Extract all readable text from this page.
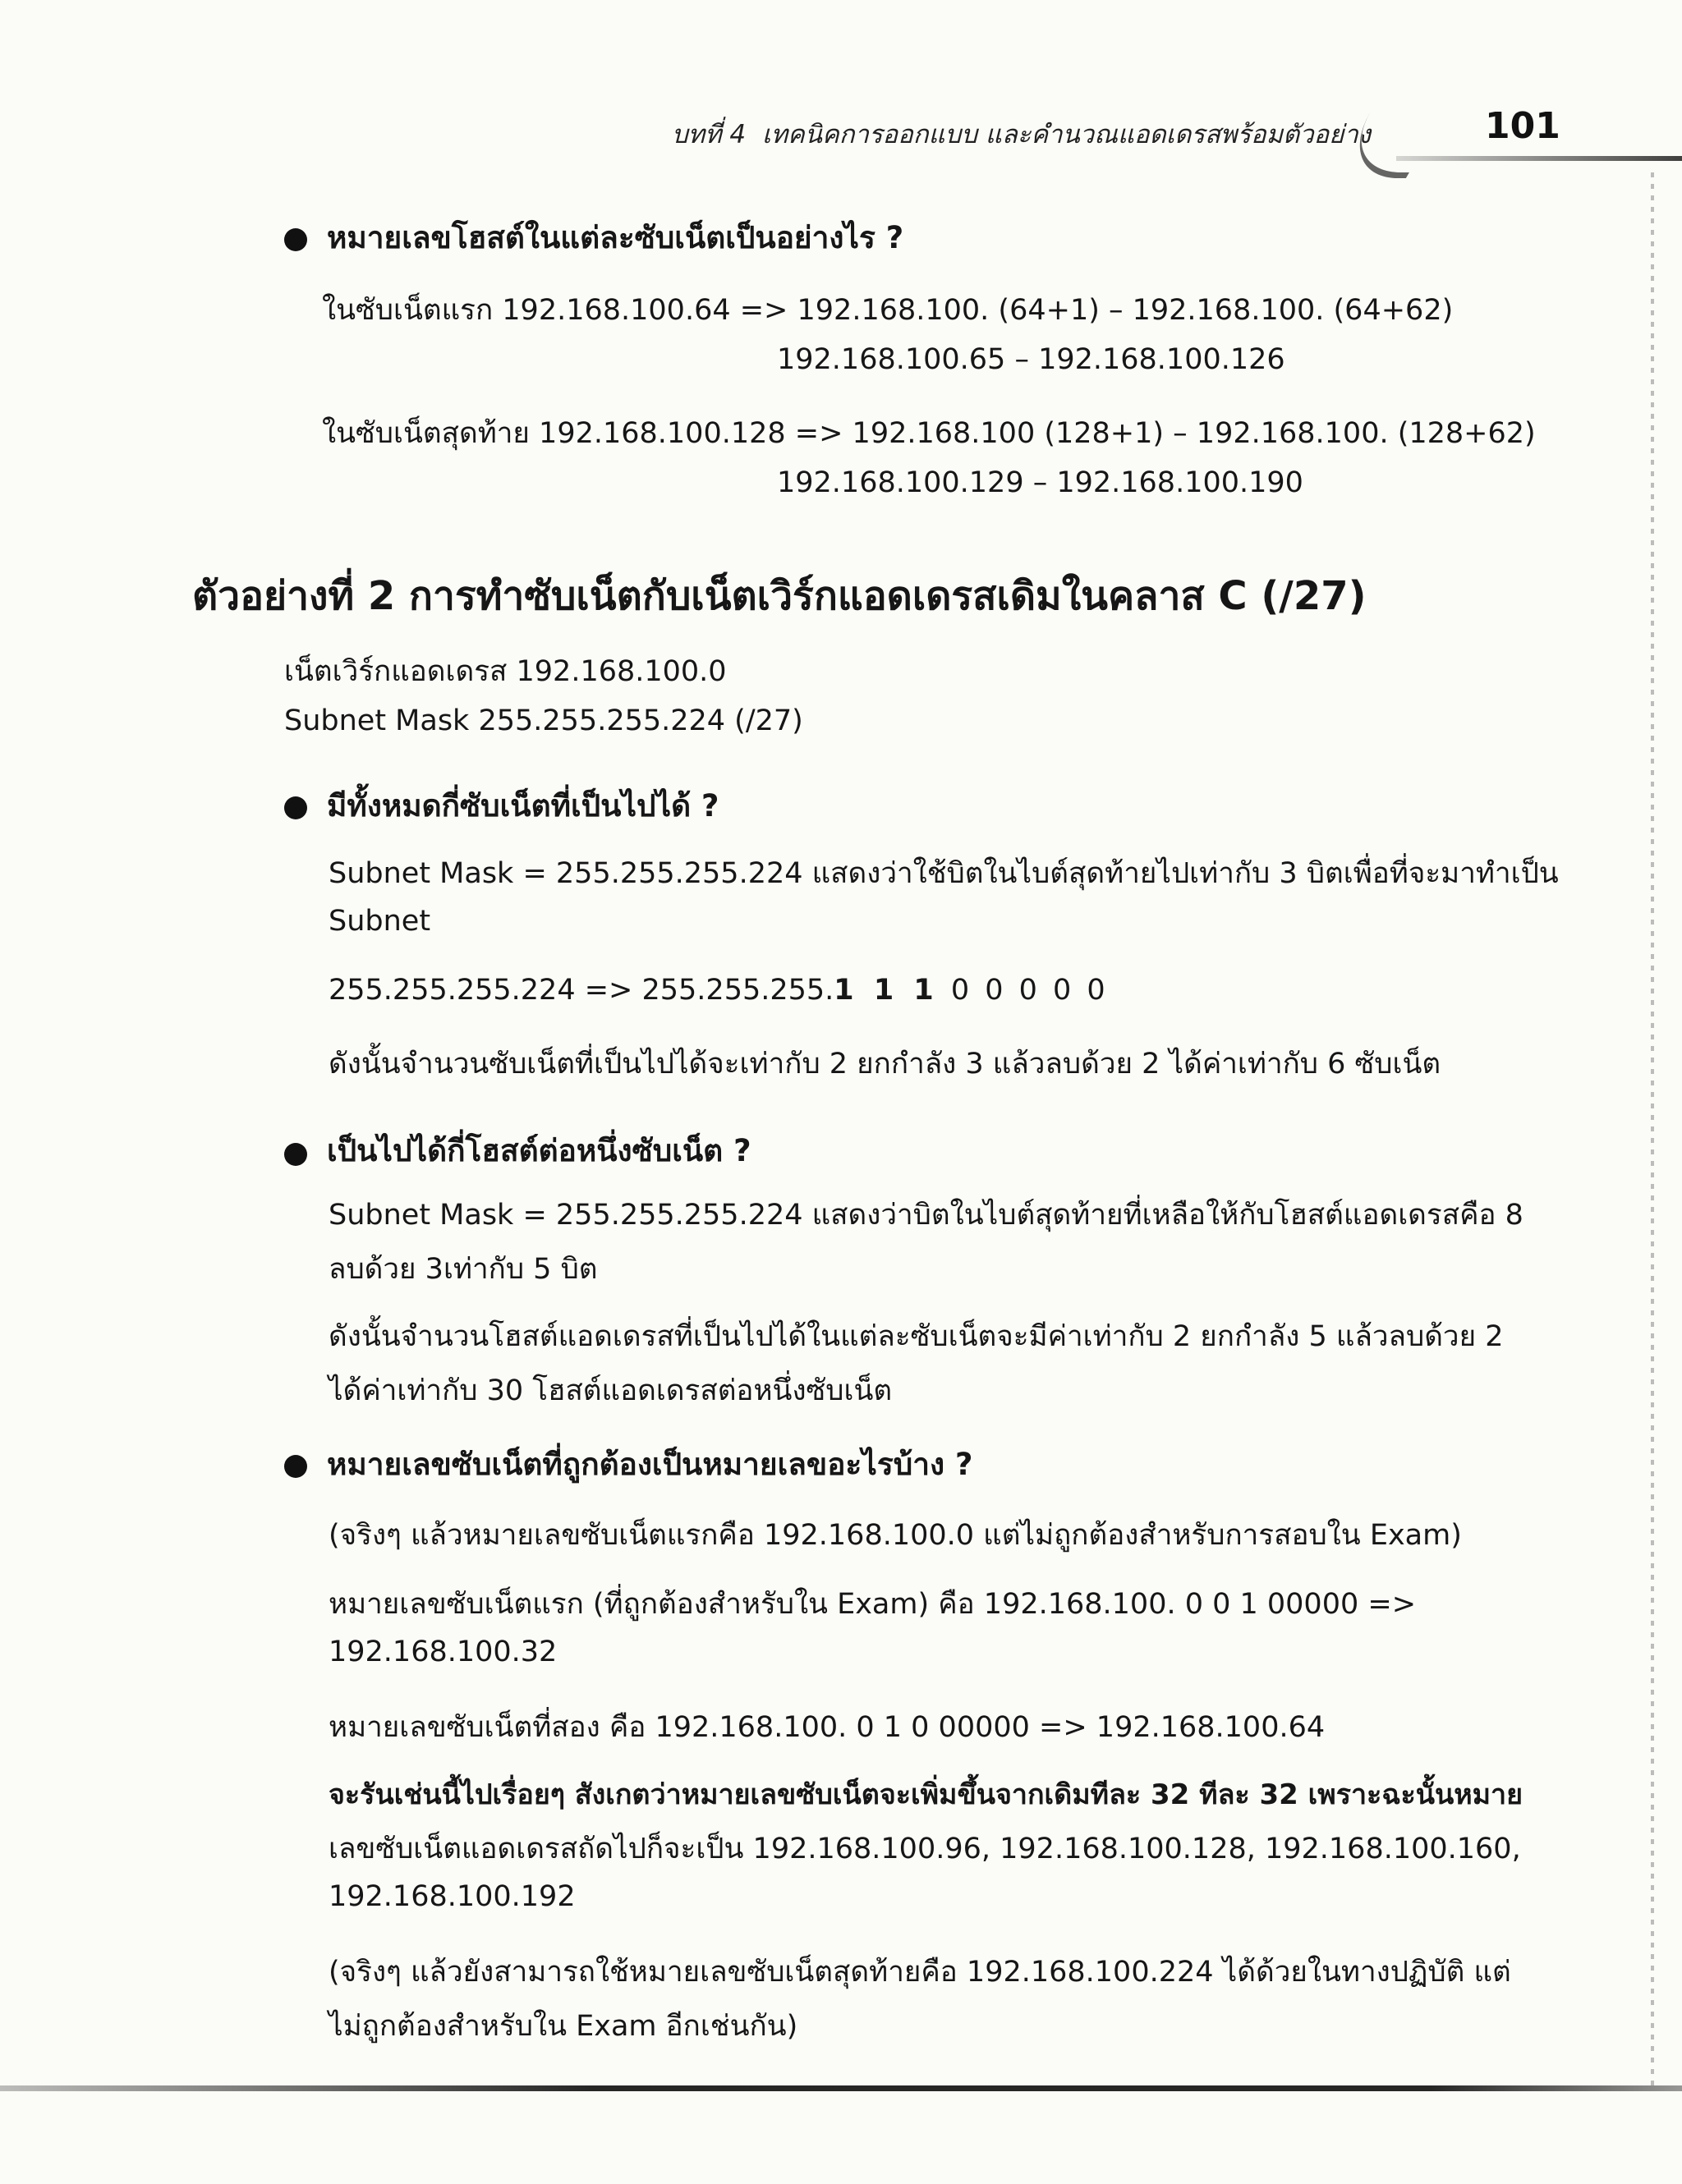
บทที่ 4 เทคนิคการออกแบบ และคำนวณแอดเดรสพร้อมตัวอย่าง	101
หมายเลขโฮสต์ในแต่ละซับเน็ตเป็นอย่างไร ?
ในซับเน็ตแรก 192.168.100.64 => 192.168.100. (64+1) – 192.168.100. (64+62)
192.168.100.65 – 192.168.100.126
ในซับเน็ตสุดท้าย 192.168.100.128 => 192.168.100 (128+1) – 192.168.100. (128+62)
192.168.100.129 – 192.168.100.190
ตัวอย่างที่ 2 การทำซับเน็ตกับเน็ตเวิร์กแอดเดรสเดิมในคลาส C (/27)
เน็ตเวิร์กแอดเดรส 192.168.100.0
Subnet Mask 255.255.255.224 (/27)
มีทั้งหมดกี่ซับเน็ตที่เป็นไปได้ ?
Subnet Mask = 255.255.255.224 แสดงว่าใช้บิตในไบต์สุดท้ายไปเท่ากับ 3 บิตเพื่อที่จะมาทำเป็น
Subnet
255.255.255.224 => 255.255.255.1 1 1 0 0 0 0 0
ดังนั้นจำนวนซับเน็ตที่เป็นไปได้จะเท่ากับ 2 ยกกำลัง 3 แล้วลบด้วย 2 ได้ค่าเท่ากับ 6 ซับเน็ต
เป็นไปได้กี่โฮสต์ต่อหนึ่งซับเน็ต ?
Subnet Mask = 255.255.255.224 แสดงว่าบิตในไบต์สุดท้ายที่เหลือให้กับโฮสต์แอดเดรสคือ 8
ลบด้วย 3เท่ากับ 5 บิต
ดังนั้นจำนวนโฮสต์แอดเดรสที่เป็นไปได้ในแต่ละซับเน็ตจะมีค่าเท่ากับ 2 ยกกำลัง 5 แล้วลบด้วย 2
ได้ค่าเท่ากับ 30 โฮสต์แอดเดรสต่อหนึ่งซับเน็ต
หมายเลขซับเน็ตที่ถูกต้องเป็นหมายเลขอะไรบ้าง ?
(จริงๆ แล้วหมายเลขซับเน็ตแรกคือ 192.168.100.0 แต่ไม่ถูกต้องสำหรับการสอบใน Exam)
หมายเลขซับเน็ตแรก (ที่ถูกต้องสำหรับใน Exam) คือ 192.168.100. 0 0 1 00000 =>
192.168.100.32
หมายเลขซับเน็ตที่สอง คือ 192.168.100. 0 1 0 00000 => 192.168.100.64
จะรันเช่นนี้ไปเรื่อยๆ สังเกตว่าหมายเลขซับเน็ตจะเพิ่มขึ้นจากเดิมทีละ 32 ทีละ 32 เพราะฉะนั้นหมาย
เลขซับเน็ตแอดเดรสถัดไปก็จะเป็น 192.168.100.96, 192.168.100.128, 192.168.100.160,
192.168.100.192
(จริงๆ แล้วยังสามารถใช้หมายเลขซับเน็ตสุดท้ายคือ 192.168.100.224 ได้ด้วยในทางปฏิบัติ แต่
ไม่ถูกต้องสำหรับใน Exam อีกเช่นกัน)
